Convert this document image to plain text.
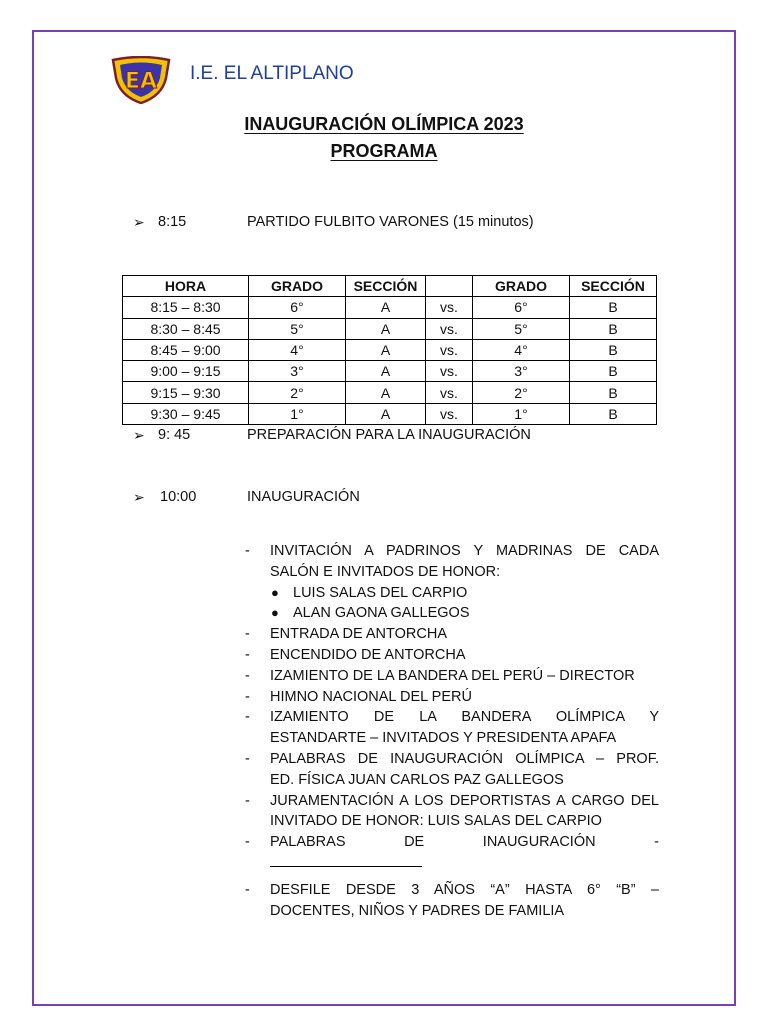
EA I.E. EL ALTIPLANO
INAUGURACIÓN OLÍMPICA 2023
PROGRAMA
➢ 8:15	PARTIDO FULBITO VARONES (15 minutos)
HORA	GRADO	SECCIÓN		GRADO	SECCIÓN
8:15 – 8:30	6°	A	vs.	6°	B
8:30 – 8:45	5°	A	vs.	5°	B
8:45 – 9:00	4°	A	vs.	4°	B
9:00 – 9:15	3°	A	vs.	3°	B
9:15 – 9:30	2°	A	vs.	2°	B
9:30 – 9:45	1°	A	vs.	1°	B
➢ 9: 45	PREPARACIÓN PARA LA INAUGURACIÓN
➢ 10:00	INAUGURACIÓN
- INVITACIÓN A PADRINOS Y MADRINAS DE CADA
SALÓN E INVITADOS DE HONOR:
● LUIS SALAS DEL CARPIO
● ALAN GAONA GALLEGOS
- ENTRADA DE ANTORCHA
- ENCENDIDO DE ANTORCHA
- IZAMIENTO DE LA BANDERA DEL PERÚ – DIRECTOR
- HIMNO NACIONAL DEL PERÚ
- IZAMIENTO DE LA BANDERA OLÍMPICA Y
ESTANDARTE – INVITADOS Y PRESIDENTA APAFA
- PALABRAS DE INAUGURACIÓN OLÍMPICA – PROF.
ED. FÍSICA JUAN CARLOS PAZ GALLEGOS
- JURAMENTACIÓN A LOS DEPORTISTAS A CARGO DEL
INVITADO DE HONOR: LUIS SALAS DEL CARPIO
- PALABRAS DE INAUGURACIÓN -
- DESFILE DESDE 3 AÑOS “A” HASTA 6° “B” –
DOCENTES, NIÑOS Y PADRES DE FAMILIA
